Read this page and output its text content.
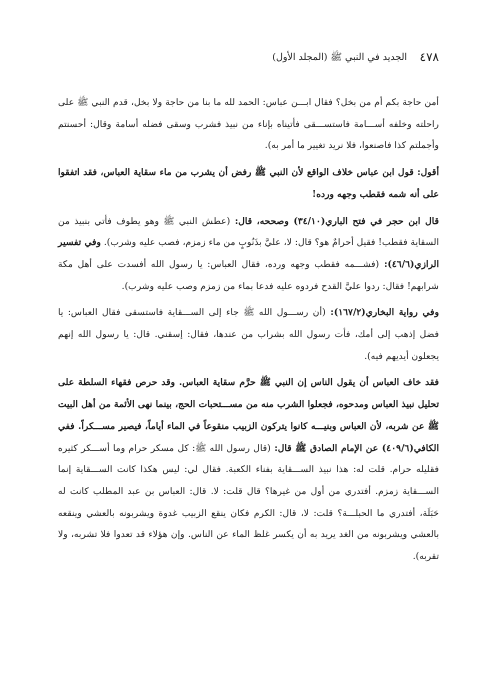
٤٧٨
الجديد في النبي ﷺ (المجلد الأول)

أمن حاجة بكم أم من بخل؟ فقال ابـــن عباس: الحمد لله ما بنا من حاجة ولا بخل، قدم النبي ﷺ على راحلته وخلفه أســـامة فاستســـقى فأتيناه بإناء من نبيذ فشرب وسقى فضله أسامة وقال: أحسنتم وأجملتم كذا فاصنعوا، فلا نريد تغيير ما أمر به).

أقول: قول ابن عباس خلاف الواقع لأن النبي ﷺ رفض أن يشرب من ماء سقاية العباس، فقد اتفقوا على أنه شمه فقطب وجهه ورده!

قال ابن حجر في فتح الباري(٣٤/١٠) وصححه، قال: (عطش النبي ﷺ وهو يطوف فأتي بنبيذ من السقاية فقطب! فقيل أحرامٌ هو؟ قال: لا، عليَّ بذَنُوبٍ من ماء زمزم، فصب عليه وشرب). وفي تفسير الرازي(٤٦/٦): (فشـــمه فقطب وجهه ورده، فقال العباس: يا رسول الله أفسدت على أهل مكة شرابهم! فقال: ردوا عليَّ القدح فردوه عليه فدعا بماء من زمزم وصب عليه وشرب).

وفي رواية البخاري(١٦٧/٢): (أن رســـول الله ﷺ جاء إلى الســـقاية فاستسقى فقال العباس: يا فضل إذهب إلى أمك، فأت رسول الله بشراب من عندها، فقال: إسقني. قال: يا رسول الله إنهم يجعلون أيديهم فيه).

فقد خاف العباس أن يقول الناس إن النبي ﷺ حرَّم سقاية العباس. وقد حرص فقهاء السلطة على تحليل نبيذ العباس ومدحوه، فجعلوا الشرب منه من مســـتحبات الحج، بينما نهى الأئمة من أهل البيت ﷺ عن شربه، لأن العباس وبنيـــه كانوا يتركون الزبيب منقوعاً في الماء أياماً، فيصير مســـكراً. ففي الكافي(٤٠٩/٦) عن الإمام الصادق ﷺ قال: (قال رسول الله ﷺ: كل مسكر حرام وما أســـكر كثيره فقليله حرام. قلت له: هذا نبيذ الســـقاية بفناء الكعبة. فقال لي: ليس هكذا كانت الســـقاية إنما الســـقاية زمزم. أفتدري من أول من غيرها؟ قال قلت: لا. قال: العباس بن عبد المطلب كانت له حَبَلَة، أفتدري ما الحبلـــة؟ قلت: لا، قال: الكرم فكان ينقع الزبيب غدوة ويشربونه بالعشي وينقعه بالعشي ويشربونه من الغد يريد به أن يكسر غلظ الماء عن الناس. وإن هؤلاء قد تعدوا فلا تشربه، ولا تقربه).
